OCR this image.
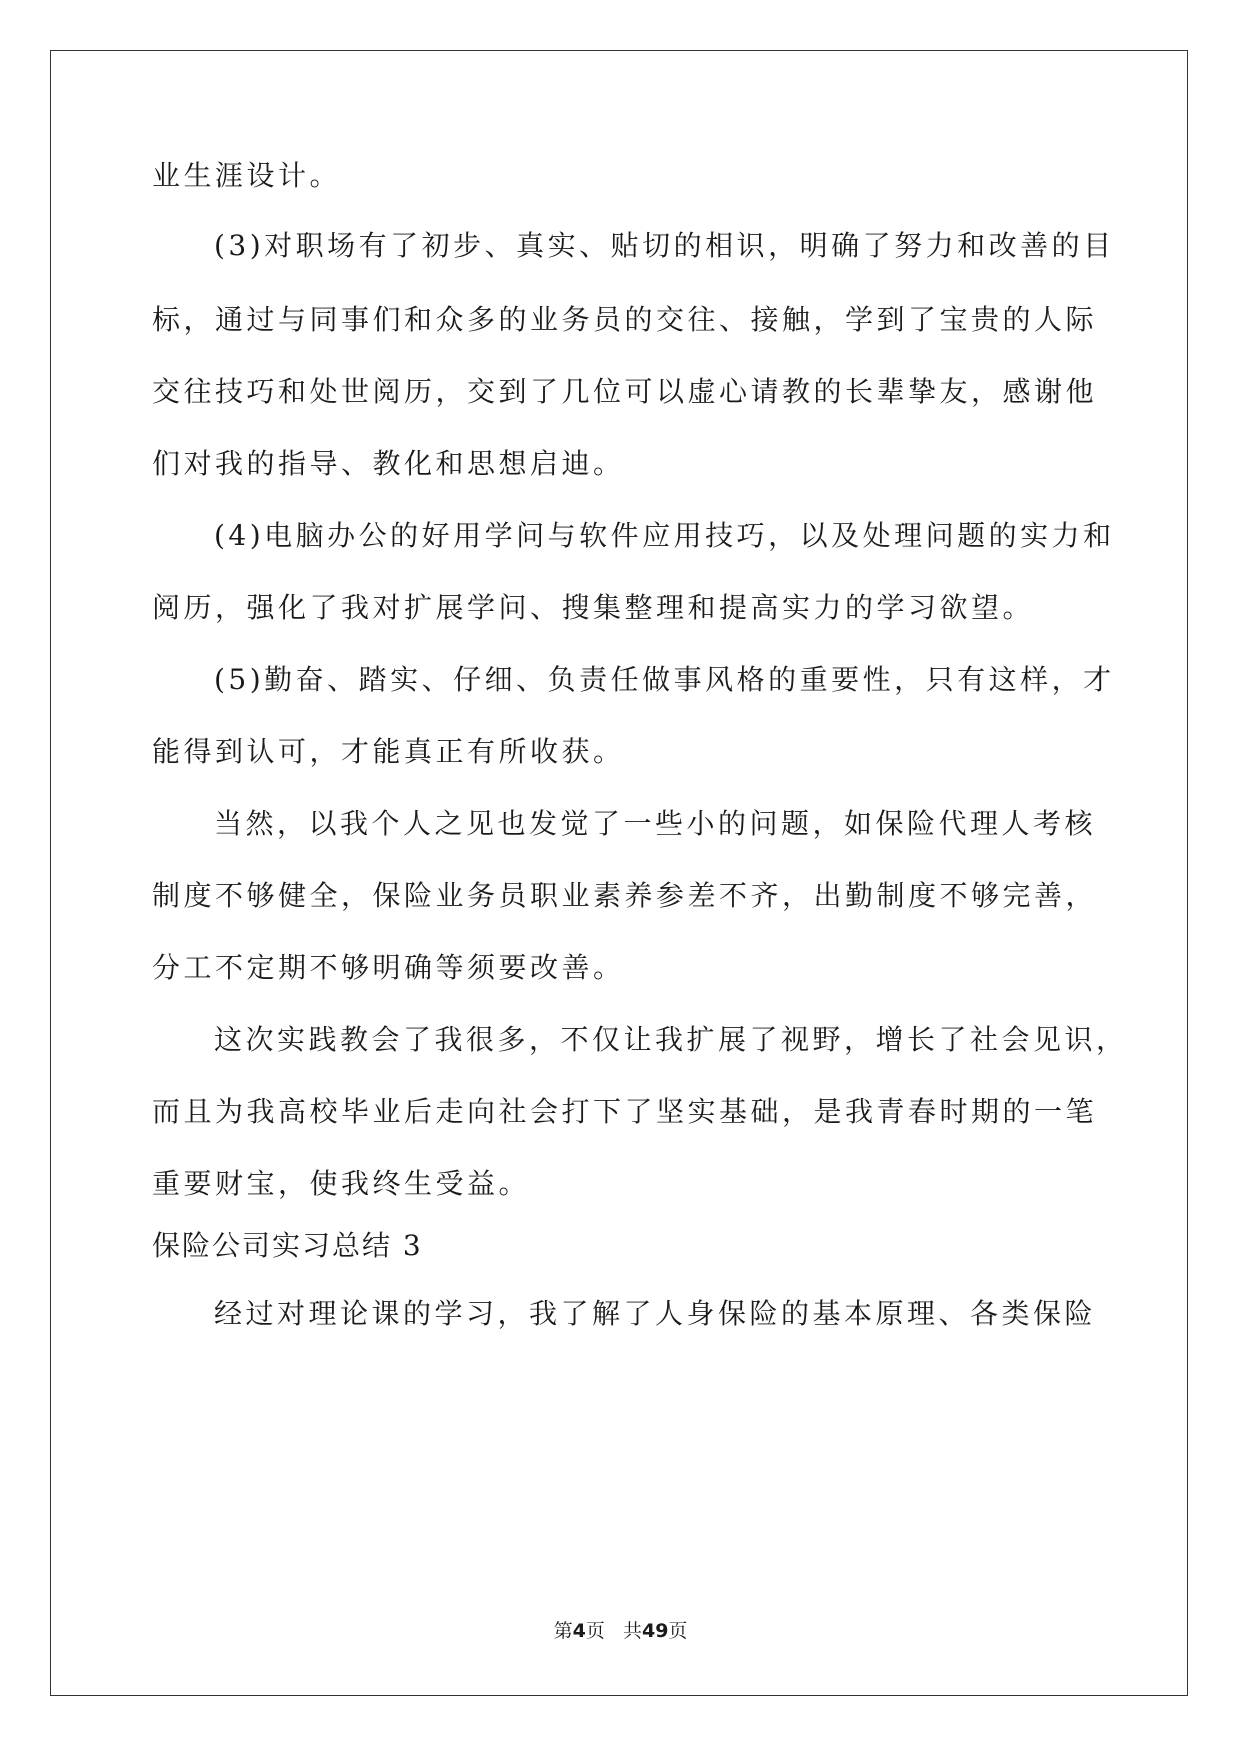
业生涯设计。
(3)对职场有了初步、真实、贴切的相识，明确了努力和改善的目
标，通过与同事们和众多的业务员的交往、接触，学到了宝贵的人际
交往技巧和处世阅历，交到了几位可以虚心请教的长辈挚友，感谢他
们对我的指导、教化和思想启迪。
(4)电脑办公的好用学问与软件应用技巧，以及处理问题的实力和
阅历，强化了我对扩展学问、搜集整理和提高实力的学习欲望。
(5)勤奋、踏实、仔细、负责任做事风格的重要性，只有这样，才
能得到认可，才能真正有所收获。
当然，以我个人之见也发觉了一些小的问题，如保险代理人考核
制度不够健全，保险业务员职业素养参差不齐，出勤制度不够完善，
分工不定期不够明确等须要改善。
这次实践教会了我很多，不仅让我扩展了视野，增长了社会见识，
而且为我高校毕业后走向社会打下了坚实基础，是我青春时期的一笔
重要财宝，使我终生受益。
保险公司实习总结 3
经过对理论课的学习，我了解了人身保险的基本原理、各类保险
第4页 共49页
